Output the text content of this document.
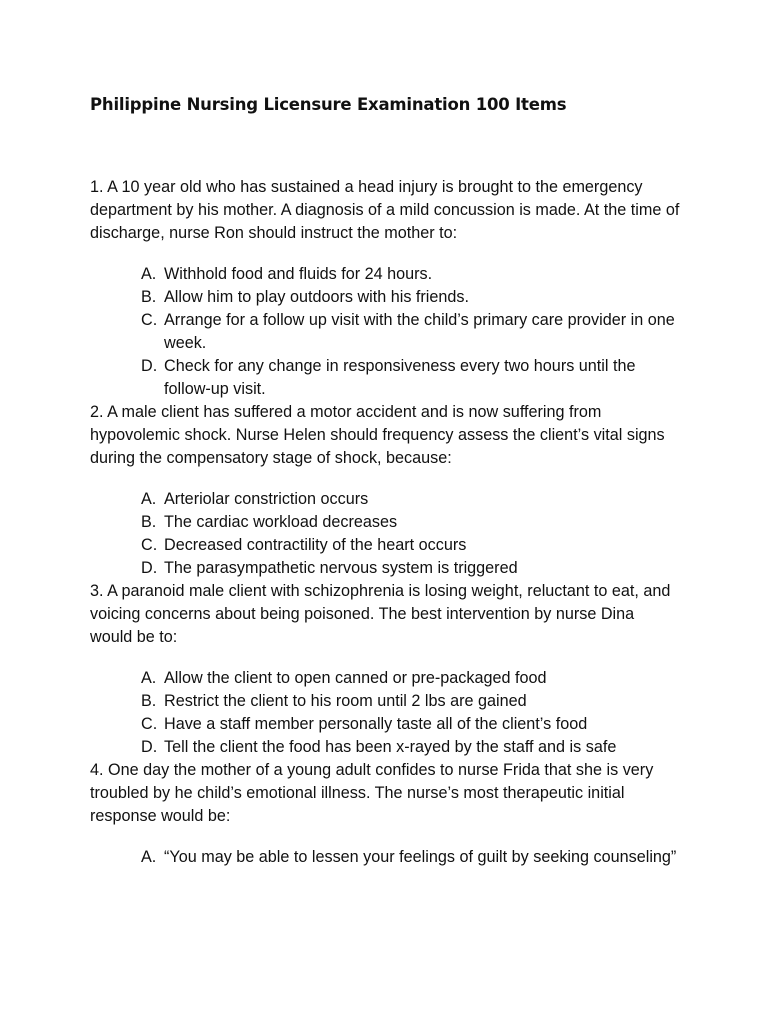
Philippine Nursing Licensure Examination 100 Items

1. A 10 year old who has sustained a head injury is brought to the emergency department by his mother. A diagnosis of a mild concussion is made. At the time of discharge, nurse Ron should instruct the mother to:

A. Withhold food and fluids for 24 hours.
B. Allow him to play outdoors with his friends.
C. Arrange for a follow up visit with the child’s primary care provider in one week.
D. Check for any change in responsiveness every two hours until the follow-up visit.

2. A male client has suffered a motor accident and is now suffering from hypovolemic shock. Nurse Helen should frequency assess the client’s vital signs during the compensatory stage of shock, because:

A. Arteriolar constriction occurs
B. The cardiac workload decreases
C. Decreased contractility of the heart occurs
D. The parasympathetic nervous system is triggered

3. A paranoid male client with schizophrenia is losing weight, reluctant to eat, and voicing concerns about being poisoned. The best intervention by nurse Dina would be to:

A. Allow the client to open canned or pre-packaged food
B. Restrict the client to his room until 2 lbs are gained
C. Have a staff member personally taste all of the client’s food
D. Tell the client the food has been x-rayed by the staff and is safe

4. One day the mother of a young adult confides to nurse Frida that she is very troubled by he child’s emotional illness. The nurse’s most therapeutic initial response would be:

A. “You may be able to lessen your feelings of guilt by seeking counseling”
